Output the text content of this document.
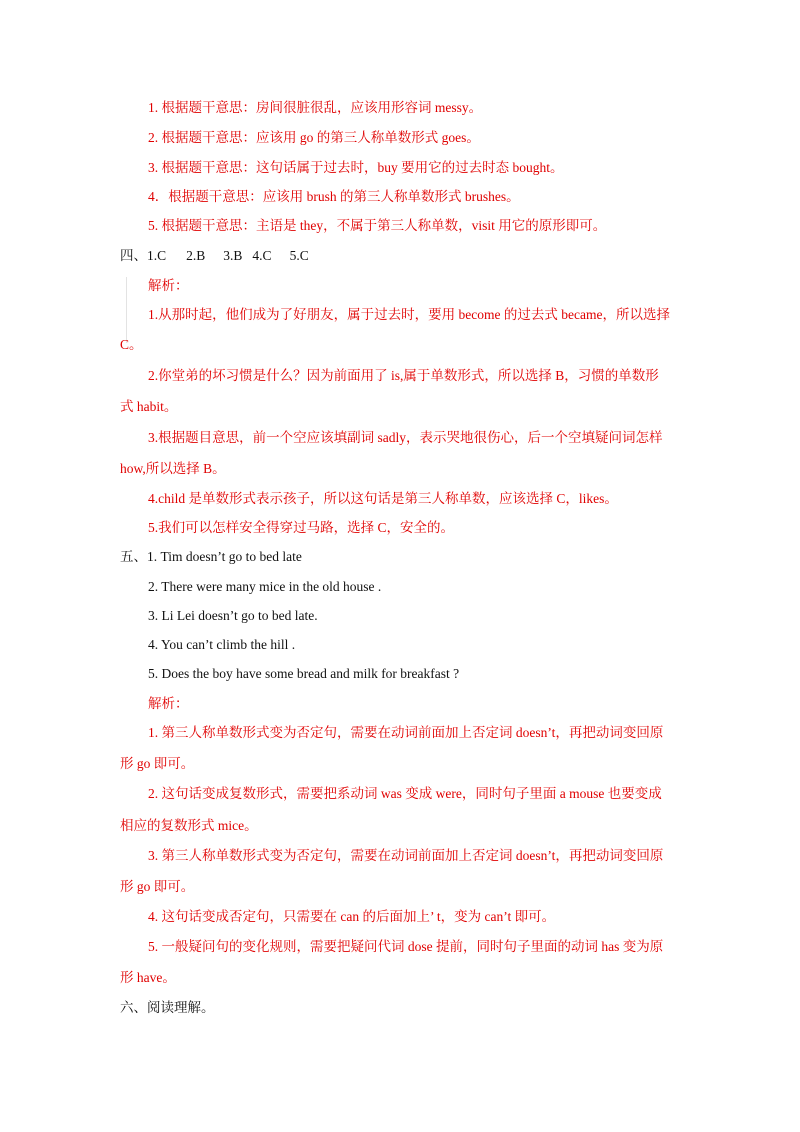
1. 根据题干意思：房间很脏很乱，应该用形容词 messy。
2. 根据题干意思：应该用 go 的第三人称单数形式 goes。
3. 根据题干意思：这句话属于过去时，buy 要用它的过去时态 bought。
4．根据题干意思：应该用 brush 的第三人称单数形式 brushes。
5. 根据题干意思：主语是 they，不属于第三人称单数，visit 用它的原形即可。
四、1.C 2.B 3.B 4.C 5.C
解析：
1.从那时起，他们成为了好朋友，属于过去时，要用 become 的过去式 became，所以选择
C。
2.你堂弟的坏习惯是什么？因为前面用了 is,属于单数形式，所以选择 B，习惯的单数形
式 habit。
3.根据题目意思，前一个空应该填副词 sadly，表示哭地很伤心，后一个空填疑问词怎样
how,所以选择 B。
4.child 是单数形式表示孩子，所以这句话是第三人称单数，应该选择 C，likes。
5.我们可以怎样安全得穿过马路，选择 C，安全的。
五、1. Tim doesn’t go to bed late
2. There were many mice in the old house .
3. Li Lei doesn’t go to bed late.
4. You can’t climb the hill .
5. Does the boy have some bread and milk for breakfast ?
解析：
1. 第三人称单数形式变为否定句，需要在动词前面加上否定词 doesn’t，再把动词变回原
形 go 即可。
2. 这句话变成复数形式，需要把系动词 was 变成 were，同时句子里面 a mouse 也要变成
相应的复数形式 mice。
3. 第三人称单数形式变为否定句，需要在动词前面加上否定词 doesn’t，再把动词变回原
形 go 即可。
4. 这句话变成否定句，只需要在 can 的后面加上’ t，变为 can’t 即可。
5. 一般疑问句的变化规则，需要把疑问代词 dose 提前，同时句子里面的动词 has 变为原
形 have。
六、阅读理解。
